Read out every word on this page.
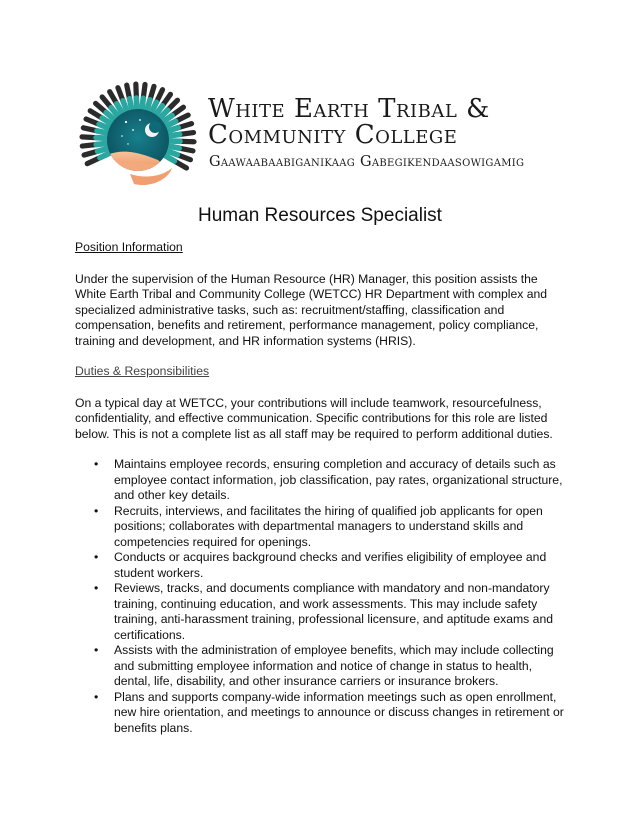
White Earth Tribal &
Community College
Gaawaabaabiganikaag Gabegikendaasowigamig
Human Resources Specialist

Position Information

Under the supervision of the Human Resource (HR) Manager, this position assists the White Earth Tribal and Community College (WETCC) HR Department with complex and specialized administrative tasks, such as: recruitment/staffing, classification and compensation, benefits and retirement, performance management, policy compliance, training and development, and HR information systems (HRIS).

Duties & Responsibilities

On a typical day at WETCC, your contributions will include teamwork, resourcefulness, confidentiality, and effective communication. Specific contributions for this role are listed below. This is not a complete list as all staff may be required to perform additional duties.

• Maintains employee records, ensuring completion and accuracy of details such as employee contact information, job classification, pay rates, organizational structure, and other key details.
• Recruits, interviews, and facilitates the hiring of qualified job applicants for open positions; collaborates with departmental managers to understand skills and competencies required for openings.
• Conducts or acquires background checks and verifies eligibility of employee and student workers.
• Reviews, tracks, and documents compliance with mandatory and non-mandatory training, continuing education, and work assessments. This may include safety training, anti-harassment training, professional licensure, and aptitude exams and certifications.
• Assists with the administration of employee benefits, which may include collecting and submitting employee information and notice of change in status to health, dental, life, disability, and other insurance carriers or insurance brokers.
• Plans and supports company-wide information meetings such as open enrollment, new hire orientation, and meetings to announce or discuss changes in retirement or benefits plans.
